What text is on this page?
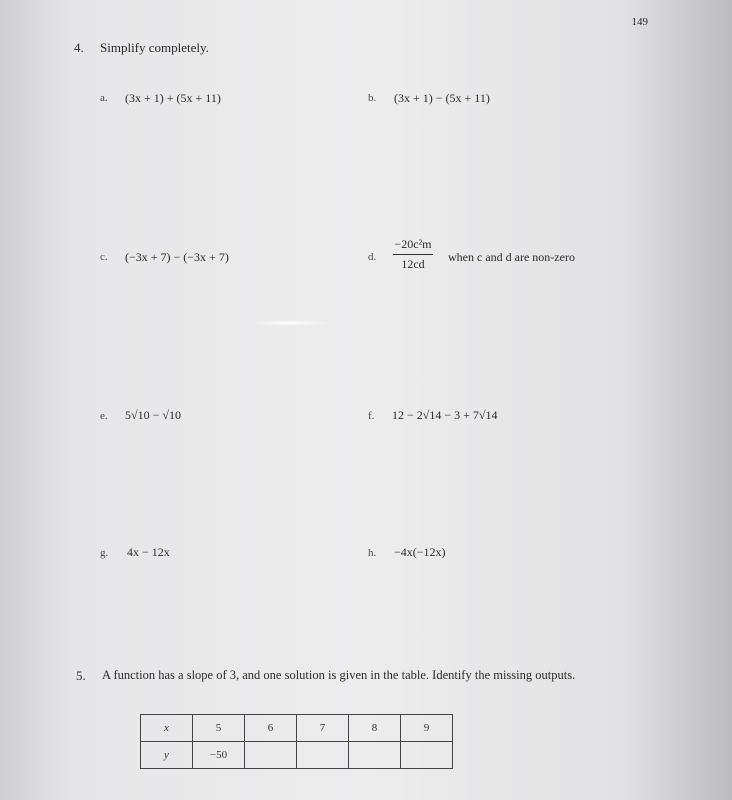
149
4. Simplify completely.
a. (3x + 1) + (5x + 11)	b. (3x + 1) − (5x + 11)
c. (−3x + 7) − (−3x + 7)	d. $\frac{\text{−20c²m}}{12cd}$ when c and d are non-zero
e. 5√10 − √10	f. 12 − 2√14 − 3 + 7√14
g. 4x − 12x	h. −4x(−12x)
5. A function has a slope of 3, and one solution is given in the table. Identify the missing outputs.
x	5	6	7	8	9
y	−50				
